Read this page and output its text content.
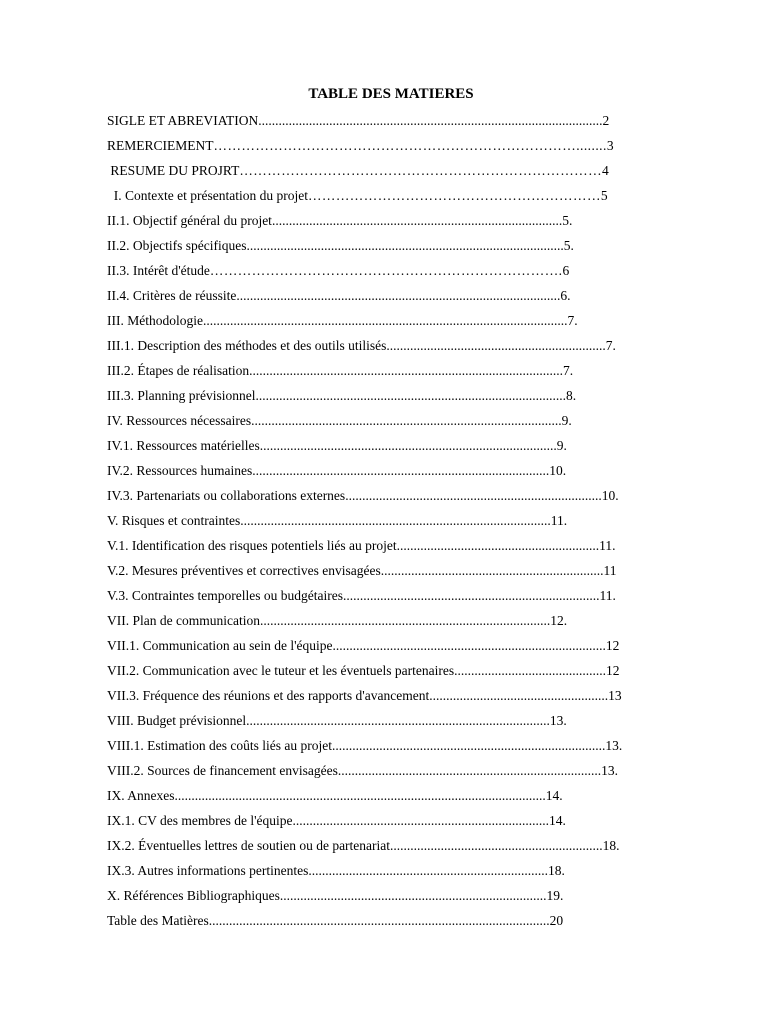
TABLE DES MATIERES
SIGLE ET ABREVIATION......................................................................................................2
REMERCIEMENT……………………………………………………………………........3
RESUME DU PROJRT……………………………………………………………………4
I. Contexte et présentation du projet………………………………………………………5
II.1. Objectif général du projet......................................................................................5.
II.2. Objectifs spécifiques..............................................................................................5.
II.3. Intérêt d'étude………………………………………………………………….6
II.4. Critères de réussite................................................................................................6.
III. Méthodologie............................................................................................................7.
III.1. Description des méthodes et des outils utilisés.................................................................7.
III.2. Étapes de réalisation.............................................................................................7.
III.3. Planning prévisionnel............................................................................................8.
IV. Ressources nécessaires............................................................................................9.
IV.1. Ressources matérielles........................................................................................9.
IV.2. Ressources humaines........................................................................................10.
IV.3. Partenariats ou collaborations externes............................................................................10.
V. Risques et contraintes............................................................................................11.
V.1. Identification des risques potentiels liés au projet............................................................11.
V.2. Mesures préventives et correctives envisagées..................................................................11
V.3. Contraintes temporelles ou budgétaires............................................................................11.
VII. Plan de communication......................................................................................12.
VII.1. Communication au sein de l'équipe.................................................................................12
VII.2. Communication avec le tuteur et les éventuels partenaires.............................................12
VII.3. Fréquence des réunions et des rapports d'avancement.....................................................13
VIII. Budget prévisionnel..........................................................................................13.
VIII.1. Estimation des coûts liés au projet.................................................................................13.
VIII.2. Sources de financement envisagées..............................................................................13.
IX. Annexes..............................................................................................................14.
IX.1. CV des membres de l'équipe............................................................................14.
IX.2. Éventuelles lettres de soutien ou de partenariat...............................................................18.
IX.3. Autres informations pertinentes.......................................................................18.
X. Références Bibliographiques...............................................................................19.
Table des Matières.....................................................................................................20
